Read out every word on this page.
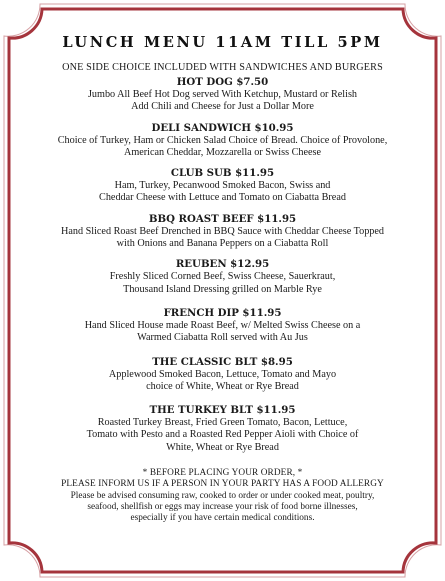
LUNCH MENU 11AM TILL 5PM
ONE SIDE CHOICE INCLUDED WITH SANDWICHES AND BURGERS
HOT DOG $7.50
Jumbo All Beef Hot Dog served With Ketchup, Mustard or Relish
Add Chili and Cheese for Just a Dollar More
DELI SANDWICH $10.95
Choice of Turkey, Ham or Chicken Salad Choice of Bread. Choice of Provolone,
American Cheddar, Mozzarella or Swiss Cheese
CLUB SUB $11.95
Ham, Turkey, Pecanwood Smoked Bacon, Swiss and
Cheddar Cheese with Lettuce and Tomato on Ciabatta Bread
BBQ ROAST BEEF $11.95
Hand Sliced Roast Beef Drenched in BBQ Sauce with Cheddar Cheese Topped
with Onions and Banana Peppers on a Ciabatta Roll
REUBEN $12.95
Freshly Sliced Corned Beef, Swiss Cheese, Sauerkraut,
Thousand Island Dressing grilled on Marble Rye
FRENCH DIP $11.95
Hand Sliced House made Roast Beef, w/ Melted Swiss Cheese on a
Warmed Ciabatta Roll served with Au Jus
THE CLASSIC BLT $8.95
Applewood Smoked Bacon, Lettuce, Tomato and Mayo
choice of White, Wheat or Rye Bread
THE TURKEY BLT $11.95
Roasted Turkey Breast, Fried Green Tomato, Bacon, Lettuce,
Tomato with Pesto and a Roasted Red Pepper Aioli with Choice of
White, Wheat or Rye Bread
* BEFORE PLACING YOUR ORDER, *
PLEASE INFORM US IF A PERSON IN YOUR PARTY HAS A FOOD ALLERGY
Please be advised consuming raw, cooked to order or under cooked meat, poultry,
seafood, shellfish or eggs may increase your risk of food borne illnesses,
especially if you have certain medical conditions.
